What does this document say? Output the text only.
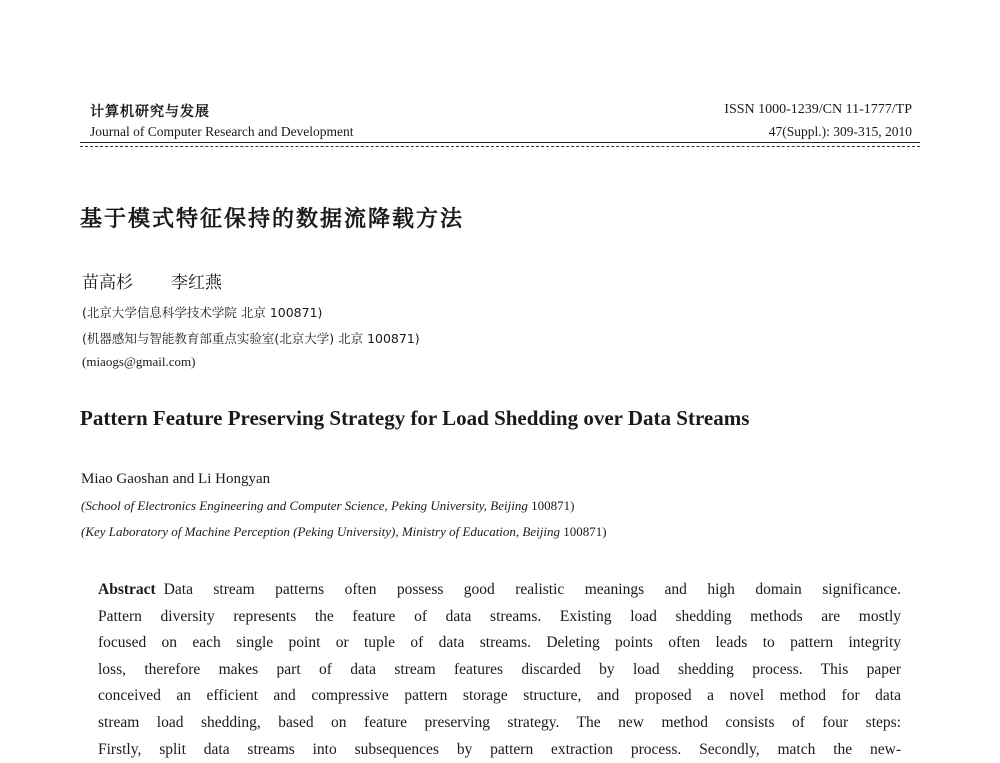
计算机研究与发展
Journal of Computer Research and Development
ISSN 1000-1239/CN 11-1777/TP
47(Suppl.): 309-315, 2010
基于模式特征保持的数据流降载方法
苗高杉 李红燕
(北京大学信息科学技术学院 北京 100871)
(机器感知与智能教育部重点实验室(北京大学) 北京 100871)
(miaogs@gmail.com)
Pattern Feature Preserving Strategy for Load Shedding over Data Streams
Miao Gaoshan and Li Hongyan
(School of Electronics Engineering and Computer Science, Peking University, Beijing 100871)
(Key Laboratory of Machine Perception (Peking University), Ministry of Education, Beijing 100871)
Abstract Data stream patterns often possess good realistic meanings and high domain significance.
Pattern diversity represents the feature of data streams. Existing load shedding methods are mostly
focused on each single point or tuple of data streams. Deleting points often leads to pattern integrity
loss, therefore makes part of data stream features discarded by load shedding process. This paper
conceived an efficient and compressive pattern storage structure, and proposed a novel method for data
stream load shedding, based on feature preserving strategy. The new method consists of four steps:
Firstly, split data streams into subsequences by pattern extraction process. Secondly, match the new-
